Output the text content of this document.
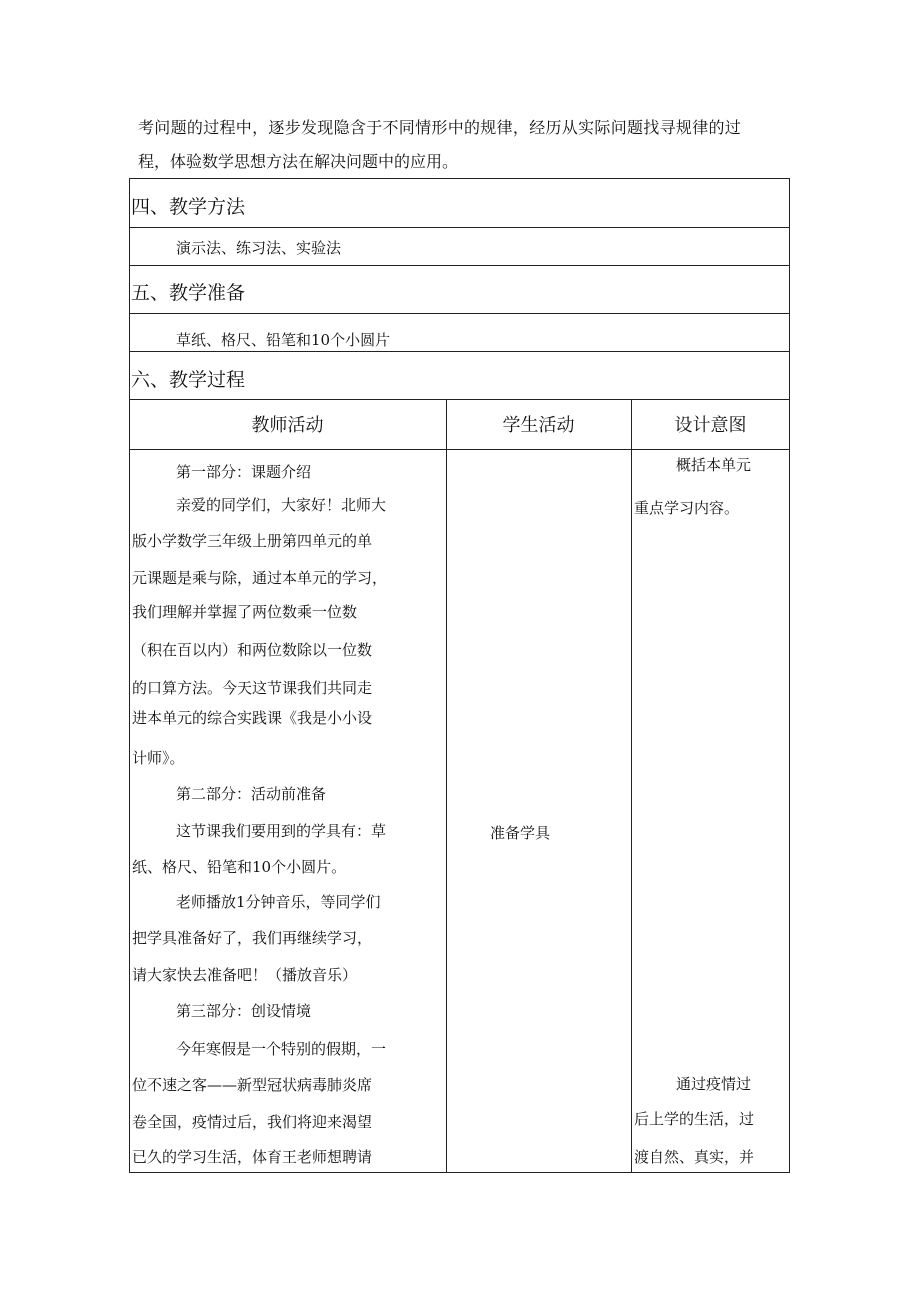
考问题的过程中，逐步发现隐含于不同情形中的规律，经历从实际问题找寻规律的过
程，体验数学思想方法在解决问题中的应用。
四、教学方法
演示法、练习法、实验法
五、教学准备
草纸、格尺、铅笔和10个小圆片
六、教学过程
教师活动	学生活动	设计意图
第一部分：课题介绍
亲爱的同学们，大家好！北师大
版小学数学三年级上册第四单元的单
元课题是乘与除，通过本单元的学习，
我们理解并掌握了两位数乘一位数
（积在百以内）和两位数除以一位数
的口算方法。今天这节课我们共同走
进本单元的综合实践课《我是小小设
计师》。
第二部分：活动前准备
这节课我们要用到的学具有：草
纸、格尺、铅笔和10个小圆片。
老师播放1分钟音乐，等同学们
把学具准备好了，我们再继续学习，
请大家快去准备吧！（播放音乐）
第三部分：创设情境
今年寒假是一个特别的假期，一
位不速之客——新型冠状病毒肺炎席
卷全国，疫情过后，我们将迎来渴望
已久的学习生活，体育王老师想聘请
准备学具
概括本单元
重点学习内容。
通过疫情过
后上学的生活，过
渡自然、真实，并
